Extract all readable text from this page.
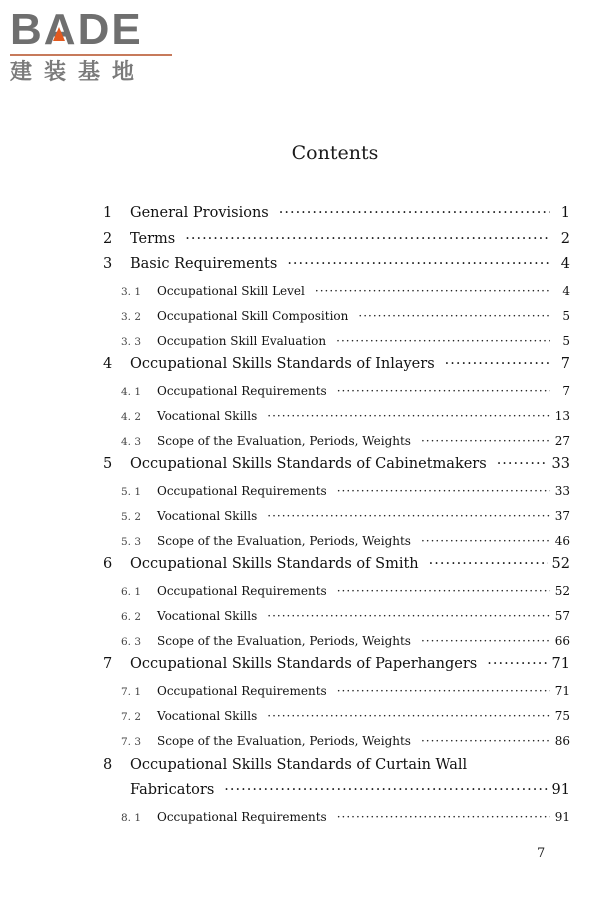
BA
DE
建装基地
Contents
1	General Provisions ·····	1
2	Terms ·····	2
3	Basic Requirements ·····	4
3. 1	Occupational Skill Level ·····	4
3. 2	Occupational Skill Composition ·····	5
3. 3	Occupation Skill Evaluation ·····	5
4	Occupational Skills Standards of Inlayers ·····	7
4. 1	Occupational Requirements ·····	7
4. 2	Vocational Skills ·····	13
4. 3	Scope of the Evaluation, Periods, Weights ·····	27
5	Occupational Skills Standards of Cabinetmakers ·····	33
5. 1	Occupational Requirements ·····	33
5. 2	Vocational Skills ·····	37
5. 3	Scope of the Evaluation, Periods, Weights ·····	46
6	Occupational Skills Standards of Smith ·····	52
6. 1	Occupational Requirements ·····	52
6. 2	Vocational Skills ·····	57
6. 3	Scope of the Evaluation, Periods, Weights ·····	66
7	Occupational Skills Standards of Paperhangers ·····	71
7. 1	Occupational Requirements ·····	71
7. 2	Vocational Skills ·····	75
7. 3	Scope of the Evaluation, Periods, Weights ·····	86
8	Occupational Skills Standards of Curtain Wall
Fabricators ·····	91
8. 1	Occupational Requirements ·····	91
7
